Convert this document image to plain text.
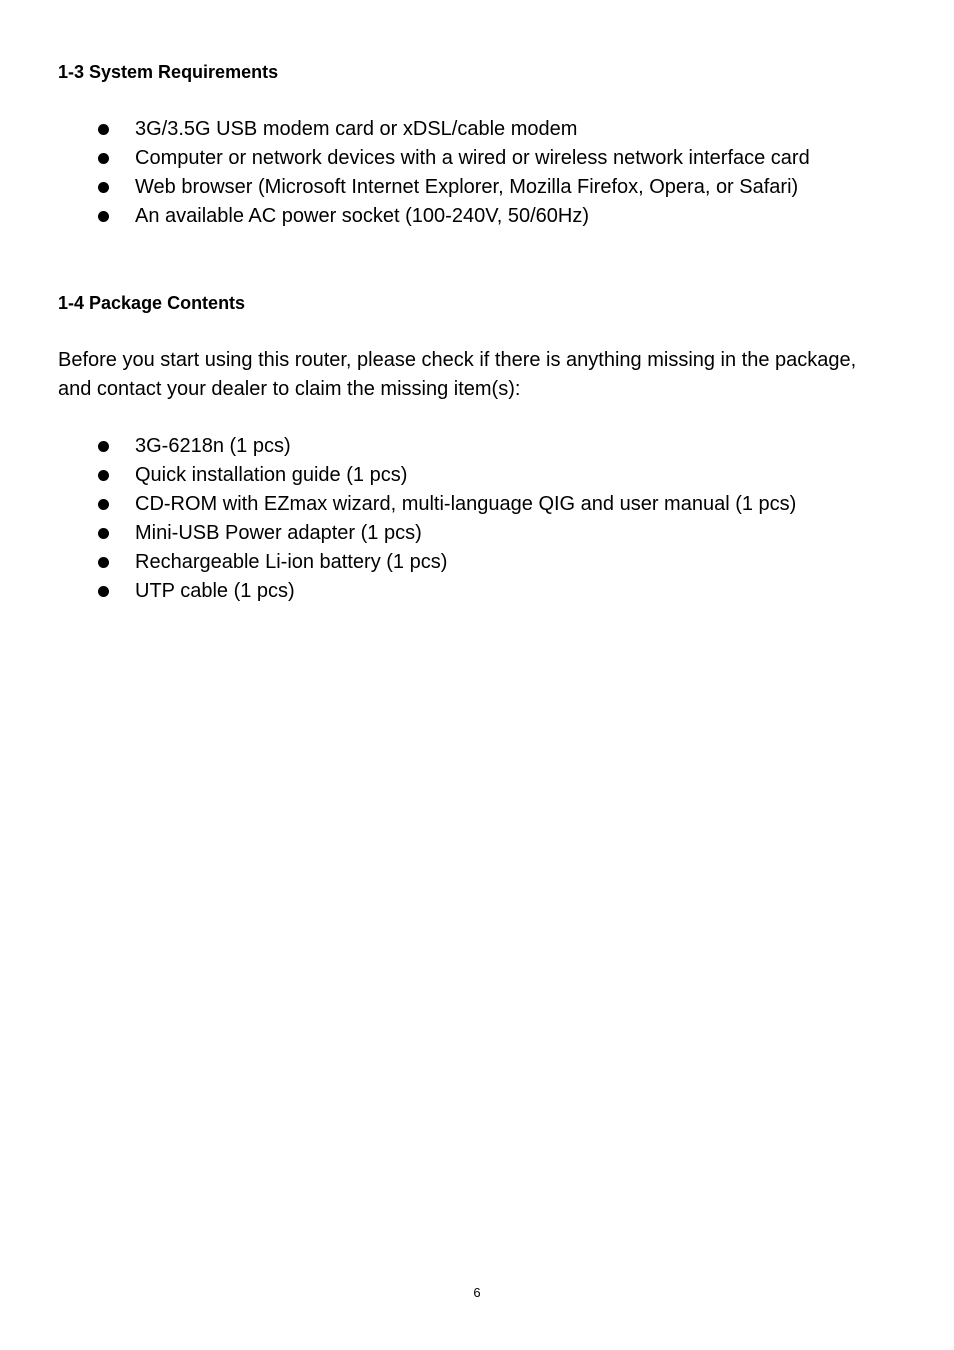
1-3 System Requirements
3G/3.5G USB modem card or xDSL/cable modem
Computer or network devices with a wired or wireless network interface card
Web browser (Microsoft Internet Explorer, Mozilla Firefox, Opera, or Safari)
An available AC power socket (100-240V, 50/60Hz)
1-4 Package Contents

Before you start using this router, please check if there is anything missing in the package,

and contact your dealer to claim the missing item(s):

3G-6218n (1 pcs)
Quick installation guide (1 pcs)
CD-ROM with EZmax wizard, multi-language QIG and user manual (1 pcs)
Mini-USB Power adapter (1 pcs)
Rechargeable Li-ion battery (1 pcs)
UTP cable (1 pcs)
6
